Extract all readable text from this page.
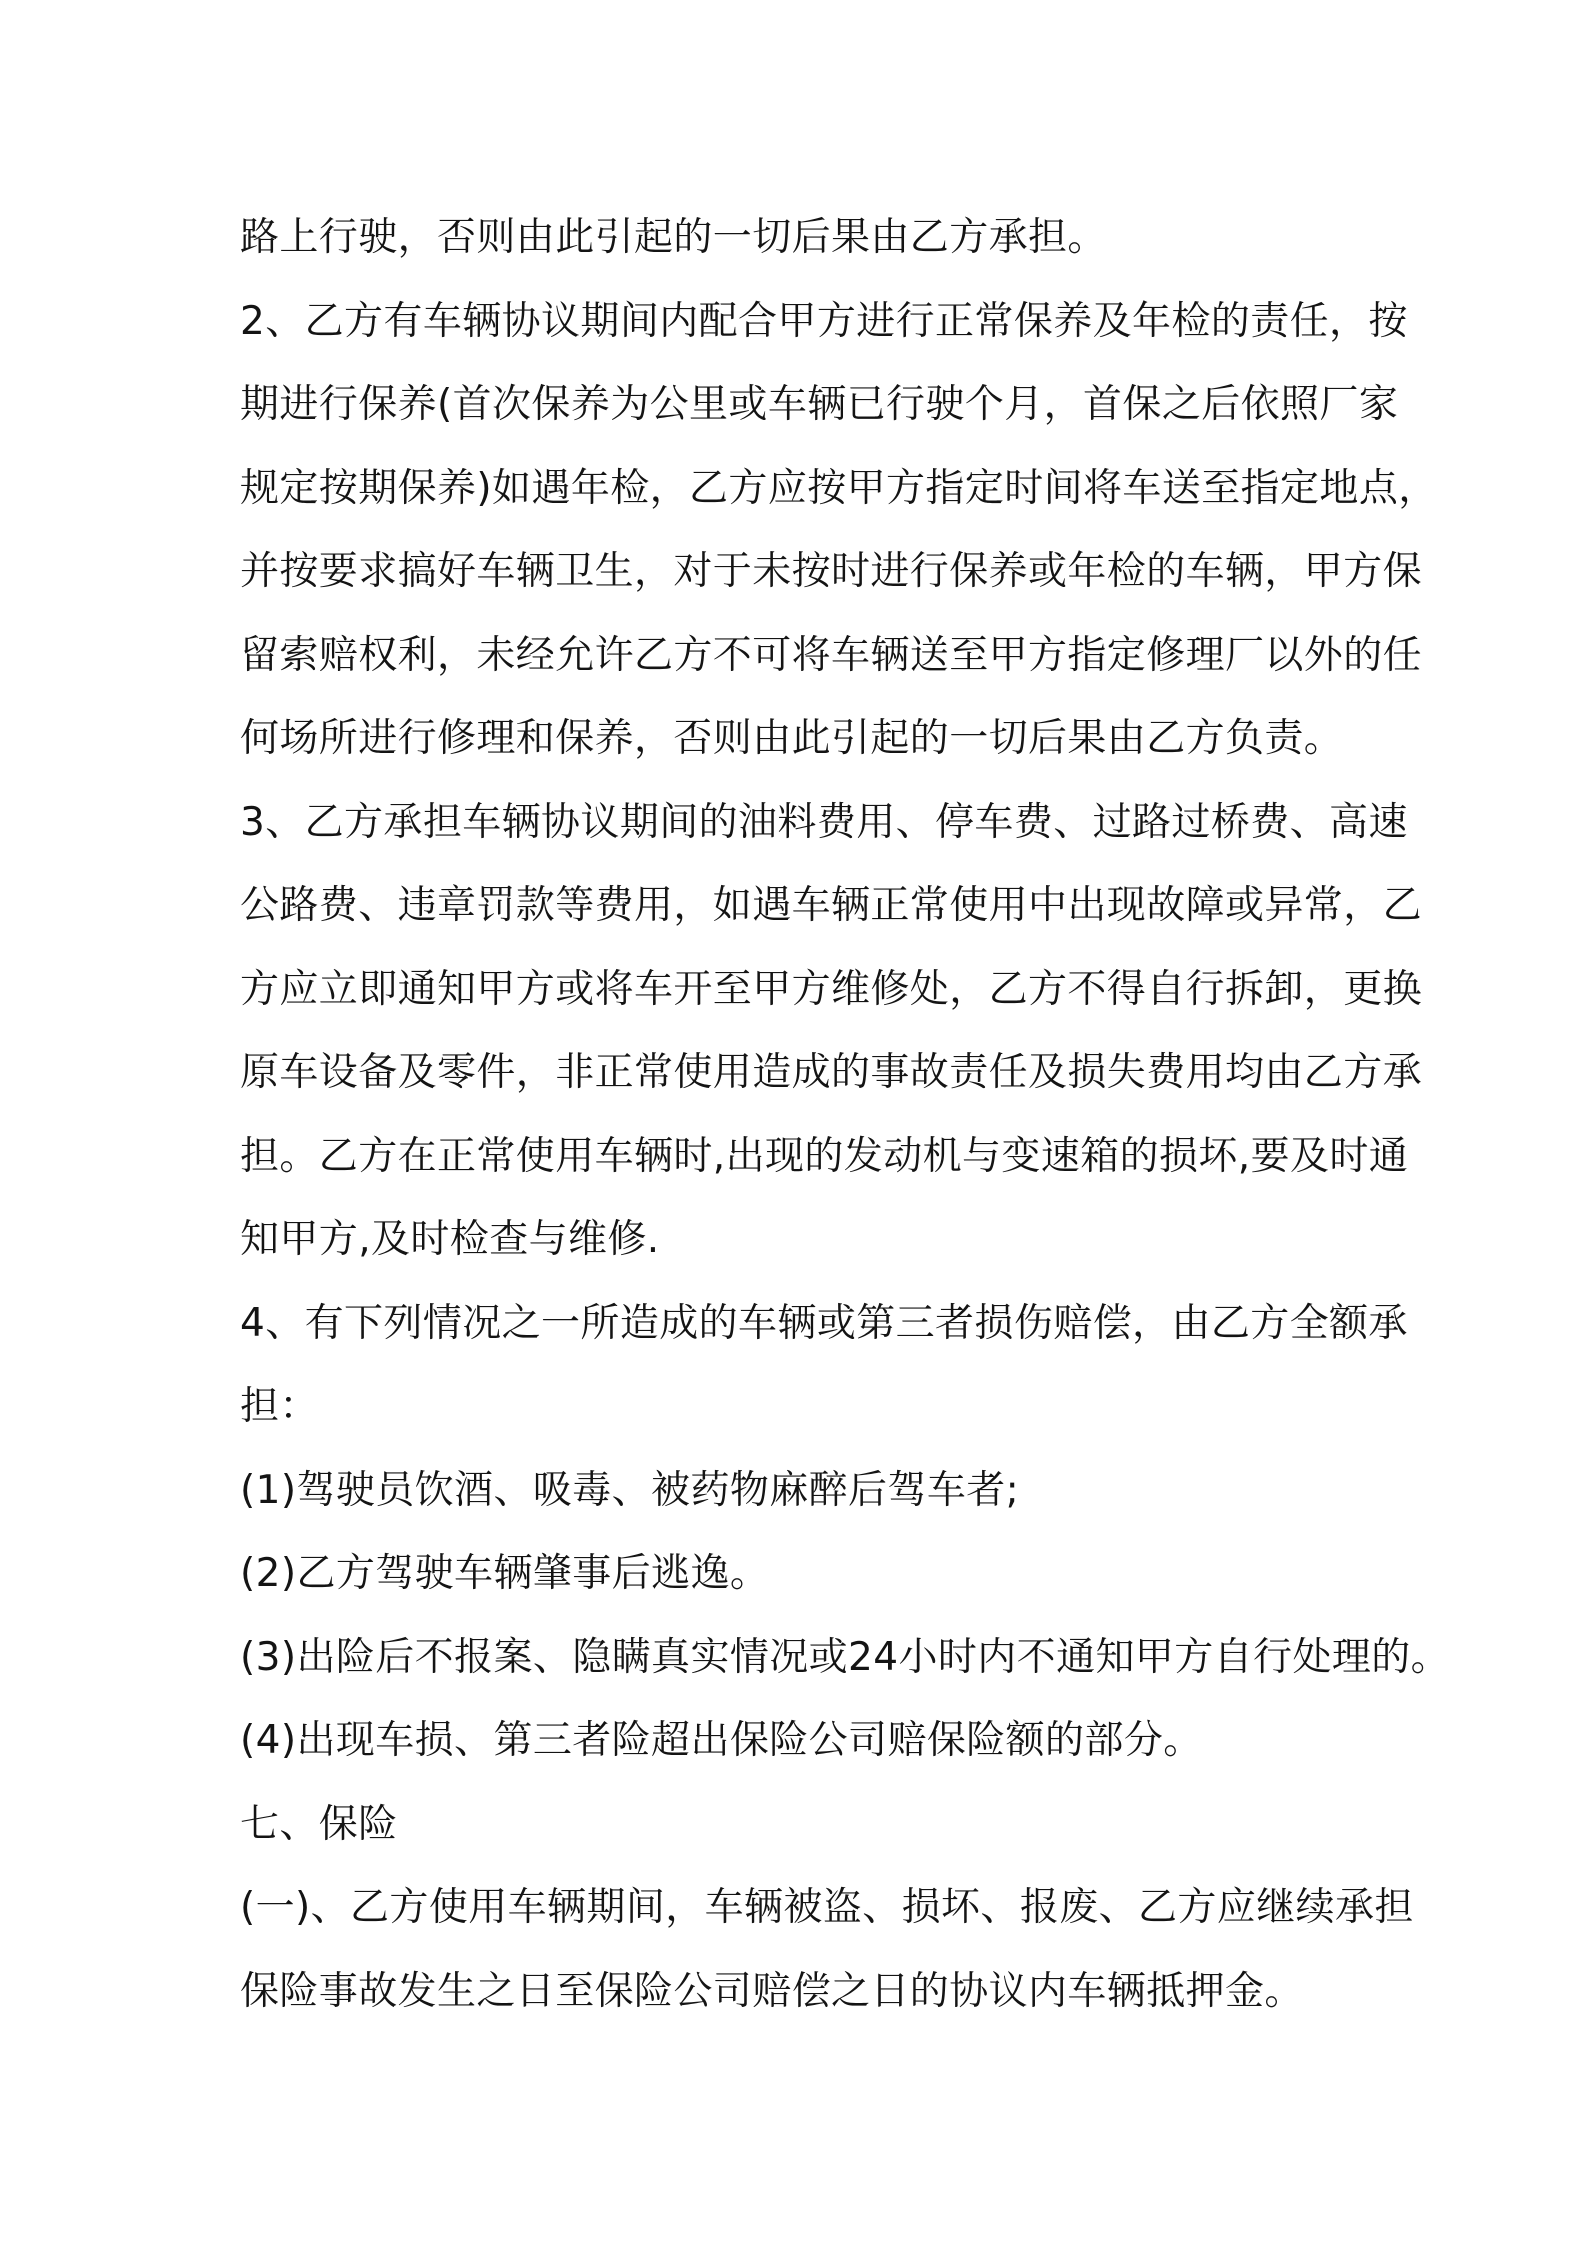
路上行驶，否则由此引起的一切后果由乙方承担。
2、乙方有车辆协议期间内配合甲方进行正常保养及年检的责任，按
期进行保养(首次保养为公里或车辆已行驶个月，首保之后依照厂家
规定按期保养)如遇年检，乙方应按甲方指定时间将车送至指定地点，
并按要求搞好车辆卫生，对于未按时进行保养或年检的车辆，甲方保
留索赔权利，未经允许乙方不可将车辆送至甲方指定修理厂以外的任
何场所进行修理和保养，否则由此引起的一切后果由乙方负责。
3、乙方承担车辆协议期间的油料费用、停车费、过路过桥费、高速
公路费、违章罚款等费用，如遇车辆正常使用中出现故障或异常，乙
方应立即通知甲方或将车开至甲方维修处，乙方不得自行拆卸，更换
原车设备及零件，非正常使用造成的事故责任及损失费用均由乙方承
担。乙方在正常使用车辆时,出现的发动机与变速箱的损坏,要及时通
知甲方,及时检查与维修.
4、有下列情况之一所造成的车辆或第三者损伤赔偿，由乙方全额承
担：
(1)驾驶员饮酒、吸毒、被药物麻醉后驾车者;
(2)乙方驾驶车辆肇事后逃逸。
(3)出险后不报案、隐瞒真实情况或24小时内不通知甲方自行处理的。
(4)出现车损、第三者险超出保险公司赔保险额的部分。
七、保险
(一)、乙方使用车辆期间，车辆被盗、损坏、报废、乙方应继续承担
保险事故发生之日至保险公司赔偿之日的协议内车辆抵押金。
